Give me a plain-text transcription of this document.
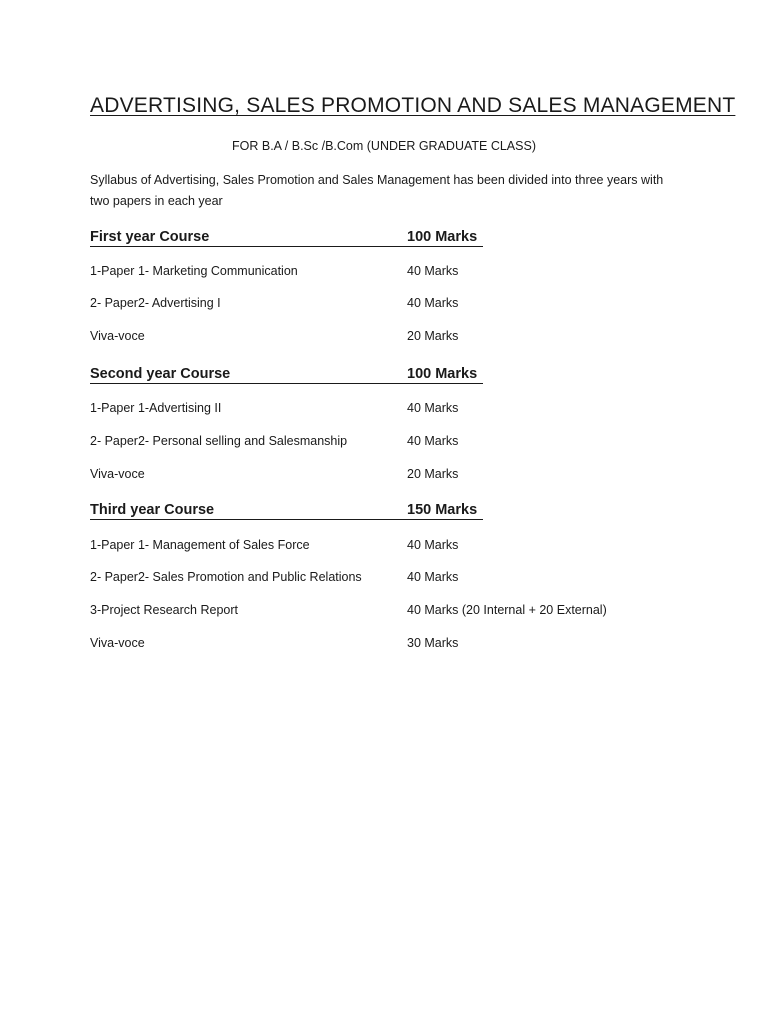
ADVERTISING, SALES PROMOTION AND SALES MANAGEMENT
FOR B.A / B.Sc /B.Com (UNDER GRADUATE CLASS)
Syllabus of Advertising, Sales Promotion and Sales Management has been divided into three years with
two papers in each year
First year Course	100 Marks
1-Paper 1- Marketing Communication	40 Marks
2- Paper2- Advertising I	40 Marks
Viva-voce	20 Marks
Second year Course	100 Marks
1-Paper 1-Advertising II	40 Marks
2- Paper2- Personal selling and Salesmanship	40 Marks
Viva-voce	20 Marks
Third year Course	150 Marks
1-Paper 1- Management of Sales Force	40 Marks
2- Paper2- Sales Promotion and Public Relations	40 Marks
3-Project Research Report	40 Marks (20 Internal + 20 External)
Viva-voce	30 Marks
